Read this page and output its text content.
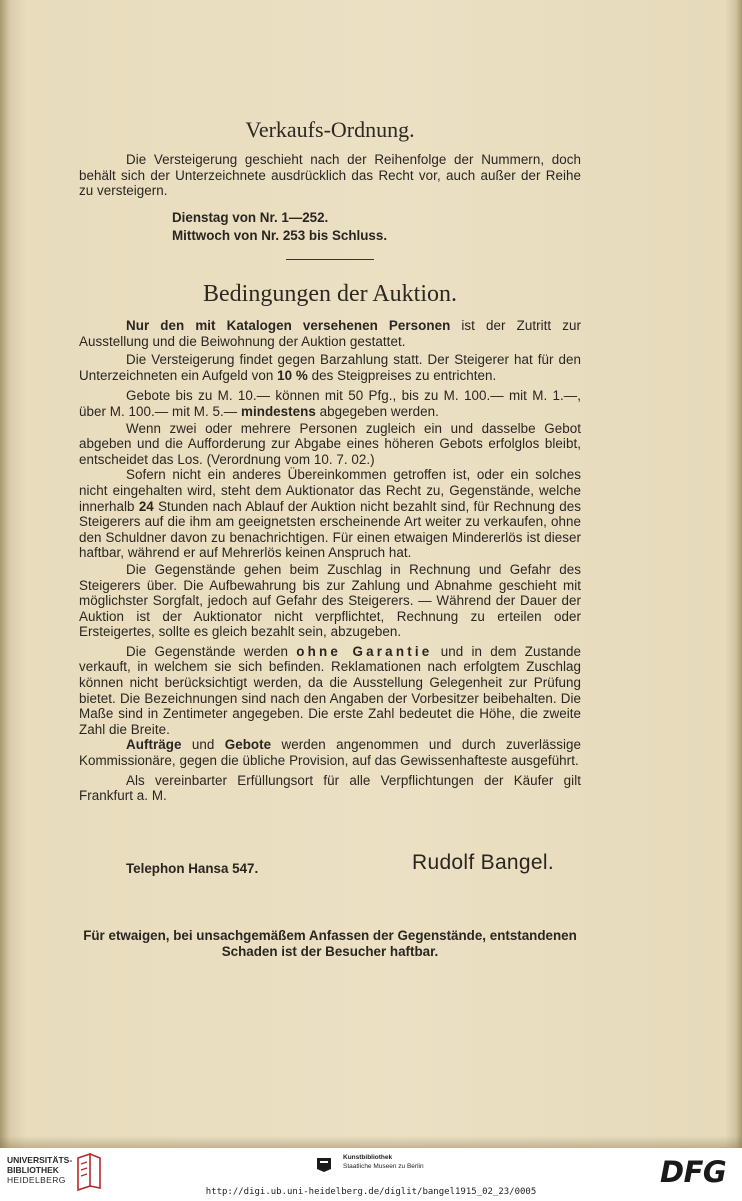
Verkaufs-Ordnung.

Die Versteigerung geschieht nach der Reihenfolge der Nummern, doch behält sich der Unterzeichnete ausdrücklich das Recht vor, auch außer der Reihe zu versteigern.

Dienstag von Nr. 1—252.
Mittwoch von Nr. 253 bis Schluss.
Bedingungen der Auktion.

Nur den mit Katalogen versehenen Personen ist der Zutritt zur Ausstellung und die Beiwohnung der Auktion gestattet.

Die Versteigerung findet gegen Barzahlung statt. Der Steigerer hat für den Unterzeichneten ein Aufgeld von 10 % des Steigpreises zu entrichten.

Gebote bis zu M. 10.— können mit 50 Pfg., bis zu M. 100.— mit M. 1.—, über M. 100.— mit M. 5.— mindestens abgegeben werden.

Wenn zwei oder mehrere Personen zugleich ein und dasselbe Gebot abgeben und die Aufforderung zur Abgabe eines höheren Gebots erfolglos bleibt, entscheidet das Los. (Verordnung vom 10. 7. 02.)

Sofern nicht ein anderes Übereinkommen getroffen ist, oder ein solches nicht eingehalten wird, steht dem Auktionator das Recht zu, Gegenstände, welche innerhalb 24 Stunden nach Ablauf der Auktion nicht bezahlt sind, für Rechnung des Steigerers auf die ihm am geeignetsten erscheinende Art weiter zu verkaufen, ohne den Schuldner davon zu benachrichtigen. Für einen etwaigen Mindererlös ist dieser haftbar, während er auf Mehrerlös keinen Anspruch hat.

Die Gegenstände gehen beim Zuschlag in Rechnung und Gefahr des Steigerers über. Die Aufbewahrung bis zur Zahlung und Abnahme geschieht mit möglichster Sorgfalt, jedoch auf Gefahr des Steigerers. — Während der Dauer der Auktion ist der Auktionator nicht verpflichtet, Rechnung zu erteilen oder Ersteigertes, sollte es gleich bezahlt sein, abzugeben.

Die Gegenstände werden ohne Garantie und in dem Zustande verkauft, in welchem sie sich befinden. Reklamationen nach erfolgtem Zuschlag können nicht berücksichtigt werden, da die Ausstellung Gelegenheit zur Prüfung bietet. Die Bezeichnungen sind nach den Angaben der Vorbesitzer beibehalten. Die Maße sind in Zentimeter angegeben. Die erste Zahl bedeutet die Höhe, die zweite Zahl die Breite.

Aufträge und Gebote werden angenommen und durch zuverlässige Kommissionäre, gegen die übliche Provision, auf das Gewissenhafteste ausgeführt.

Als vereinbarter Erfüllungsort für alle Verpflichtungen der Käufer gilt Frankfurt a. M.

Telephon Hansa 547.	Rudolf Bangel.
Für etwaigen, bei unsachgemäßem Anfassen der Gegenstände, entstandenen Schaden ist der Besucher haftbar.
UNIVERSITÄTS-
BIBLIOTHEK
HEIDELBERG
Kunstbibliothek
Staatliche Museen zu Berlin	DFG
http://digi.ub.uni-heidelberg.de/diglit/bangel1915_02_23/0005
